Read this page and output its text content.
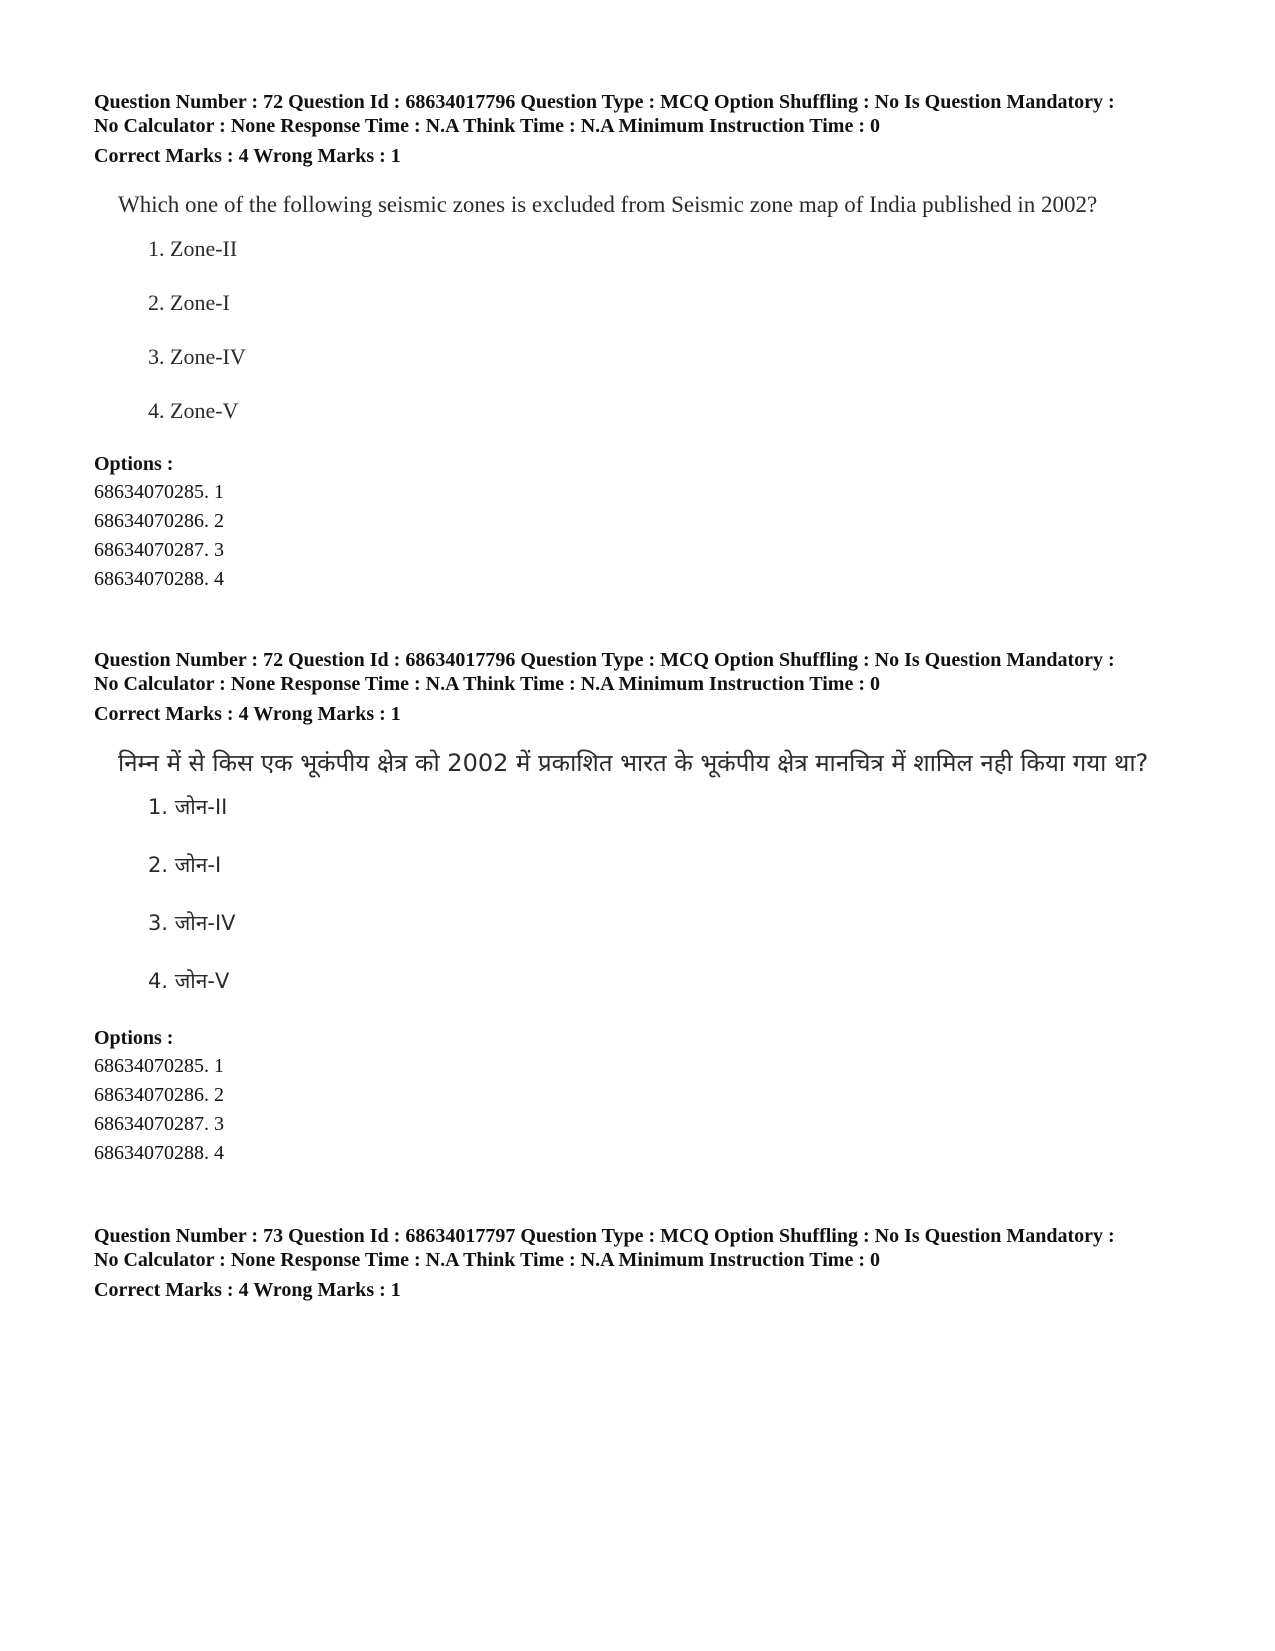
Question Number : 72 Question Id : 68634017796 Question Type : MCQ Option Shuffling : No Is Question Mandatory :

No Calculator : None Response Time : N.A Think Time : N.A Minimum Instruction Time : 0

Correct Marks : 4 Wrong Marks : 1

Which one of the following seismic zones is excluded from Seismic zone map of India published in 2002?

1. Zone-II
2. Zone-I
3. Zone-IV
4. Zone-V

Options :

68634070285. 1
68634070286. 2
68634070287. 3
68634070288. 4

Question Number : 72 Question Id : 68634017796 Question Type : MCQ Option Shuffling : No Is Question Mandatory :

No Calculator : None Response Time : N.A Think Time : N.A Minimum Instruction Time : 0

Correct Marks : 4 Wrong Marks : 1

निम्न में से किस एक भूकंपीय क्षेत्र को 2002 में प्रकाशित भारत के भूकंपीय क्षेत्र मानचित्र में शामिल नही किया गया था?

1. जोन-II
2. जोन-I
3. जोन-IV
4. जोन-V

Options :

68634070285. 1
68634070286. 2
68634070287. 3
68634070288. 4

Question Number : 73 Question Id : 68634017797 Question Type : MCQ Option Shuffling : No Is Question Mandatory :

No Calculator : None Response Time : N.A Think Time : N.A Minimum Instruction Time : 0

Correct Marks : 4 Wrong Marks : 1
